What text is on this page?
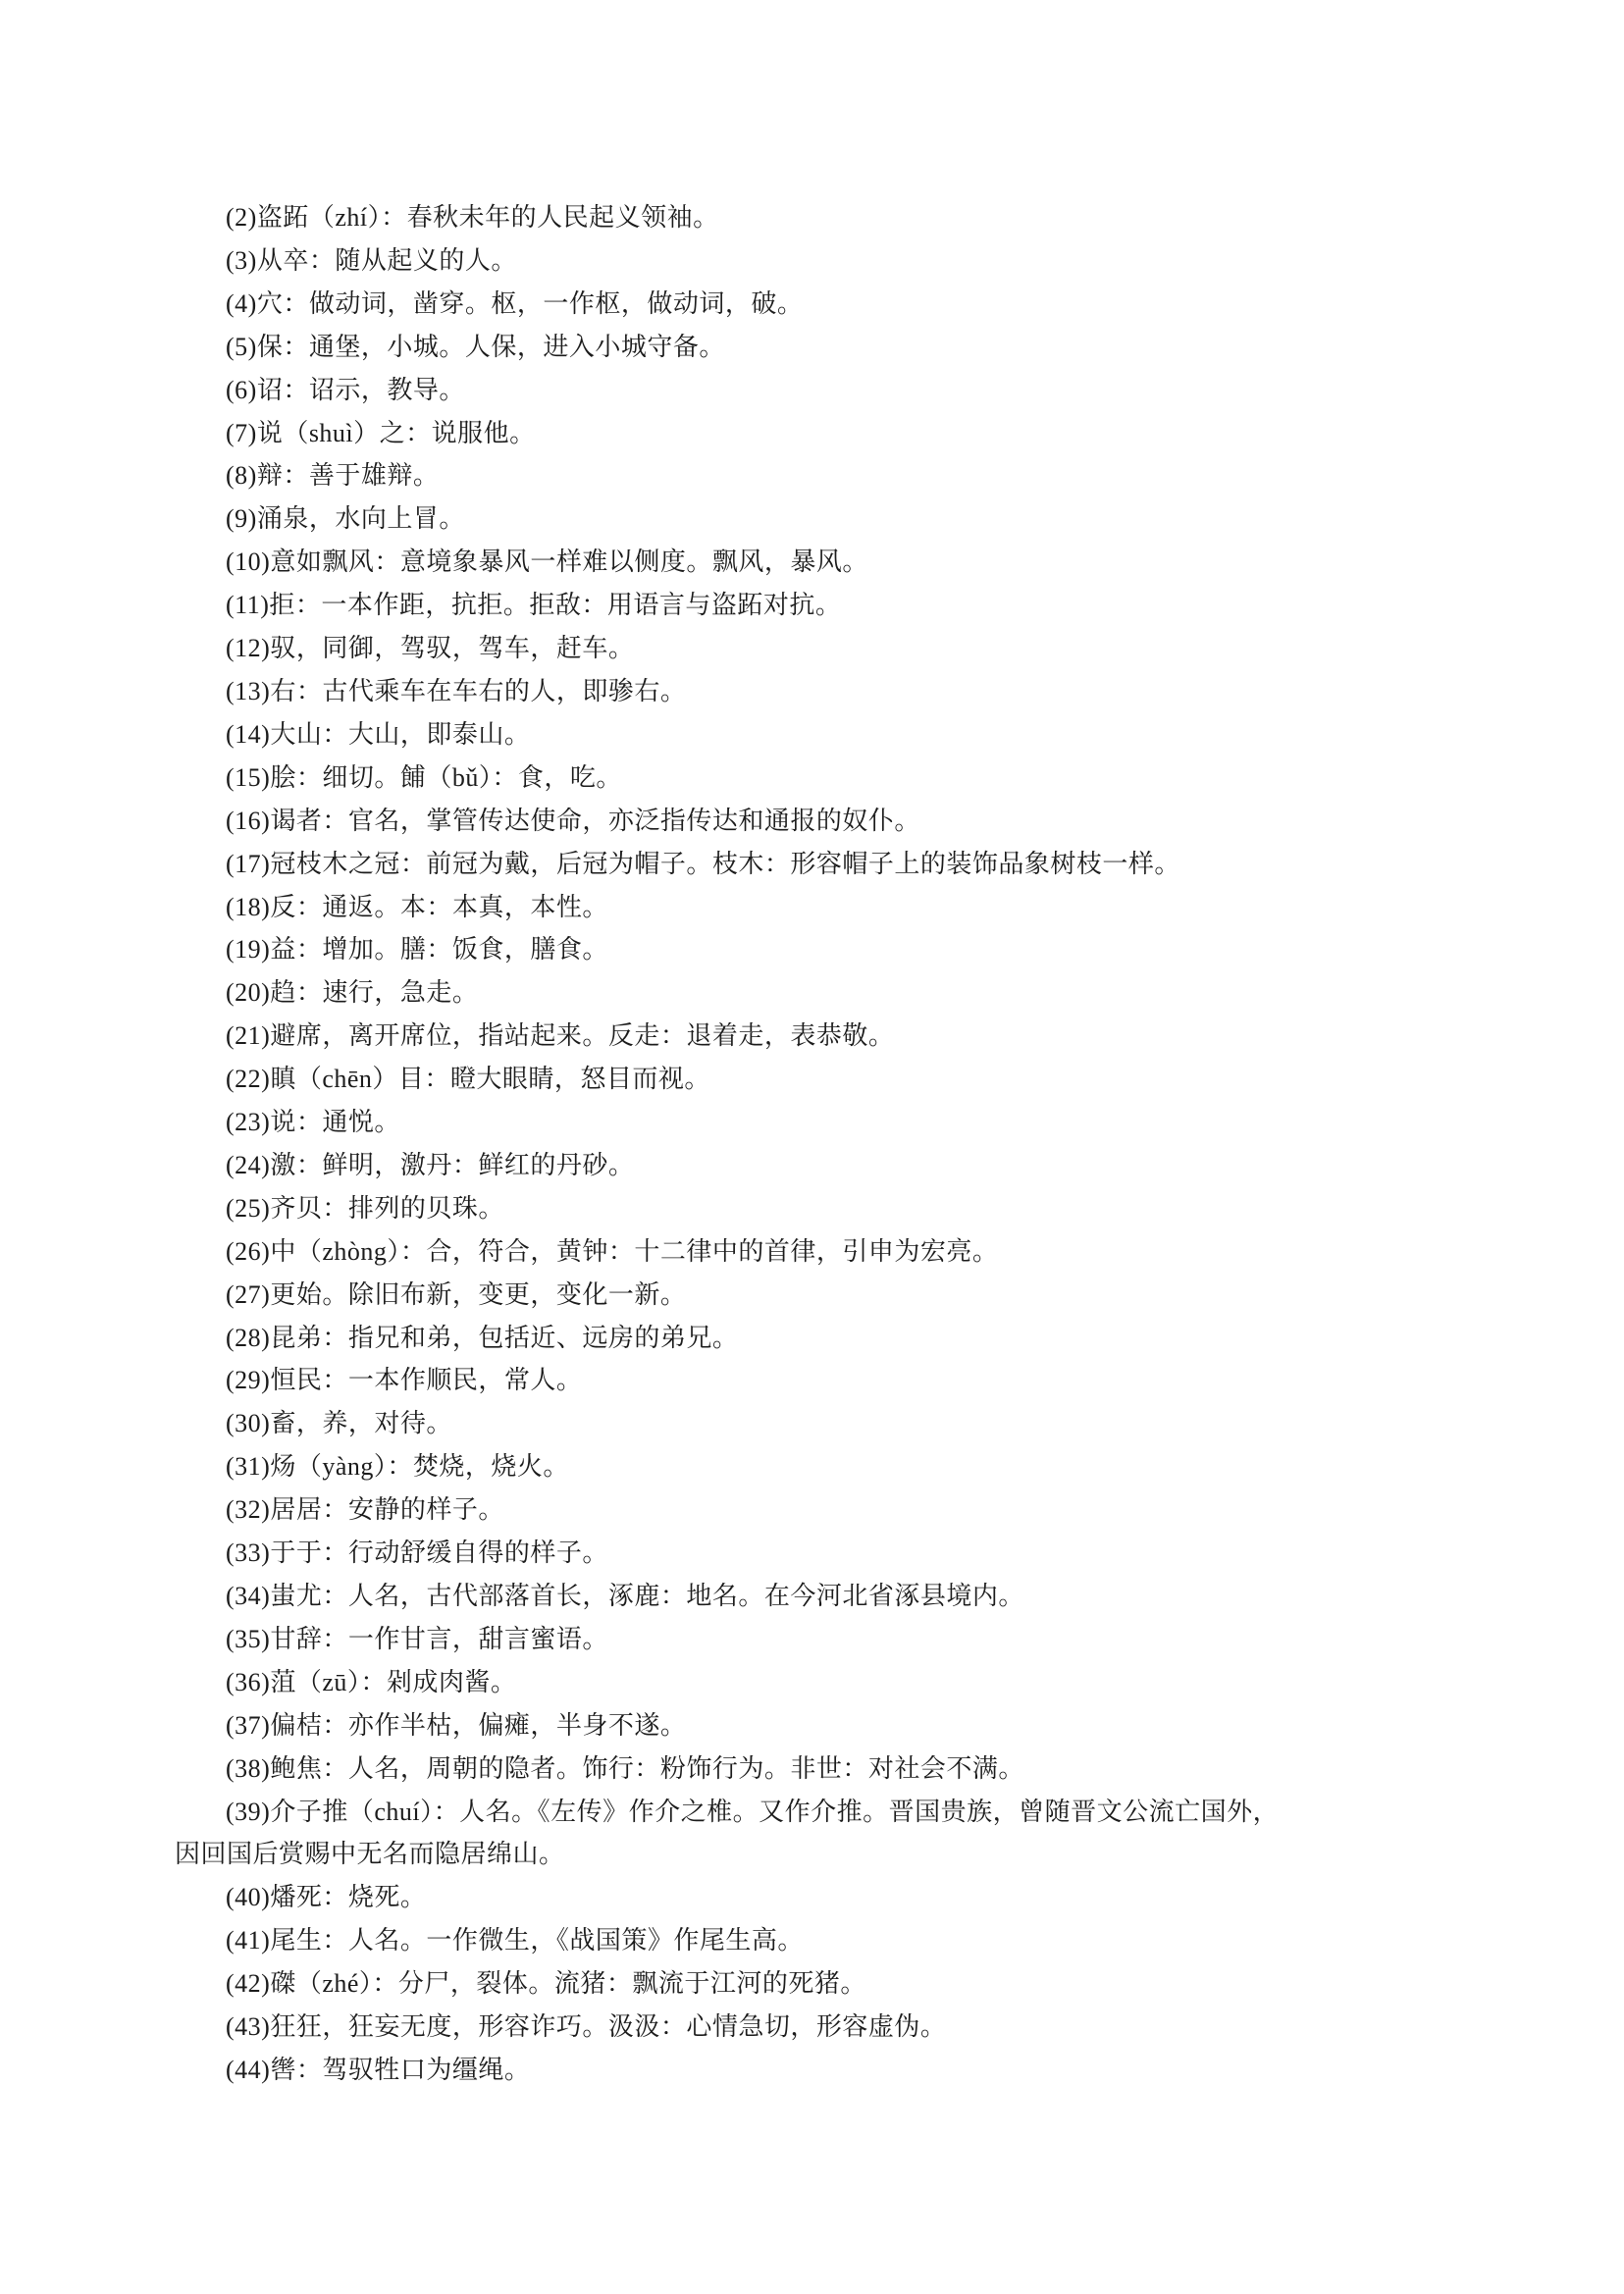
(2)盗跖（zhí）：春秋未年的人民起义领袖。
(3)从卒：随从起义的人。
(4)穴：做动词，凿穿。枢，一作枢，做动词，破。
(5)保：通堡，小城。人保，进入小城守备。
(6)诏：诏示，教导。
(7)说（shuì）之：说服他。
(8)辩：善于雄辩。
(9)涌泉，水向上冒。
(10)意如飘风：意境象暴风一样难以侧度。飘风，暴风。
(11)拒：一本作距，抗拒。拒敌：用语言与盗跖对抗。
(12)驭，同御，驾驭，驾车，赶车。
(13)右：古代乘车在车右的人，即骖右。
(14)大山：大山，即泰山。
(15)脍：细切。餔（bǔ）：食，吃。
(16)谒者：官名，掌管传达使命，亦泛指传达和通报的奴仆。
(17)冠枝木之冠：前冠为戴，后冠为帽子。枝木：形容帽子上的装饰品象树枝一样。
(18)反：通返。本：本真，本性。
(19)益：增加。膳：饭食，膳食。
(20)趋：速行，急走。
(21)避席，离开席位，指站起来。反走：退着走，表恭敬。
(22)瞋（chēn）目：瞪大眼睛，怒目而视。
(23)说：通悦。
(24)激：鲜明，激丹：鲜红的丹砂。
(25)齐贝：排列的贝珠。
(26)中（zhòng）：合，符合，黄钟：十二律中的首律，引申为宏亮。
(27)更始。除旧布新，变更，变化一新。
(28)昆弟：指兄和弟，包括近、远房的弟兄。
(29)恒民：一本作顺民，常人。
(30)畜，养，对待。
(31)炀（yàng）：焚烧，烧火。
(32)居居：安静的样子。
(33)于于：行动舒缓自得的样子。
(34)蚩尤：人名，古代部落首长，涿鹿：地名。在今河北省涿县境内。
(35)甘辞：一作甘言，甜言蜜语。
(36)菹（zū）：剁成肉酱。
(37)偏桔：亦作半枯，偏瘫，半身不遂。
(38)鲍焦：人名，周朝的隐者。饰行：粉饰行为。非世：对社会不满。
(39)介子推（chuí）：人名。《左传》作介之椎。又作介推。晋国贵族，曾随晋文公流亡国外，
因回国后赏赐中无名而隐居绵山。
(40)燔死：烧死。
(41)尾生：人名。一作微生，《战国策》作尾生高。
(42)磔（zhé）：分尸，裂体。流猪：飘流于江河的死猪。
(43)狂狂，狂妄无度，形容诈巧。汲汲：心情急切，形容虚伪。
(44)辔：驾驭牲口为缰绳。
